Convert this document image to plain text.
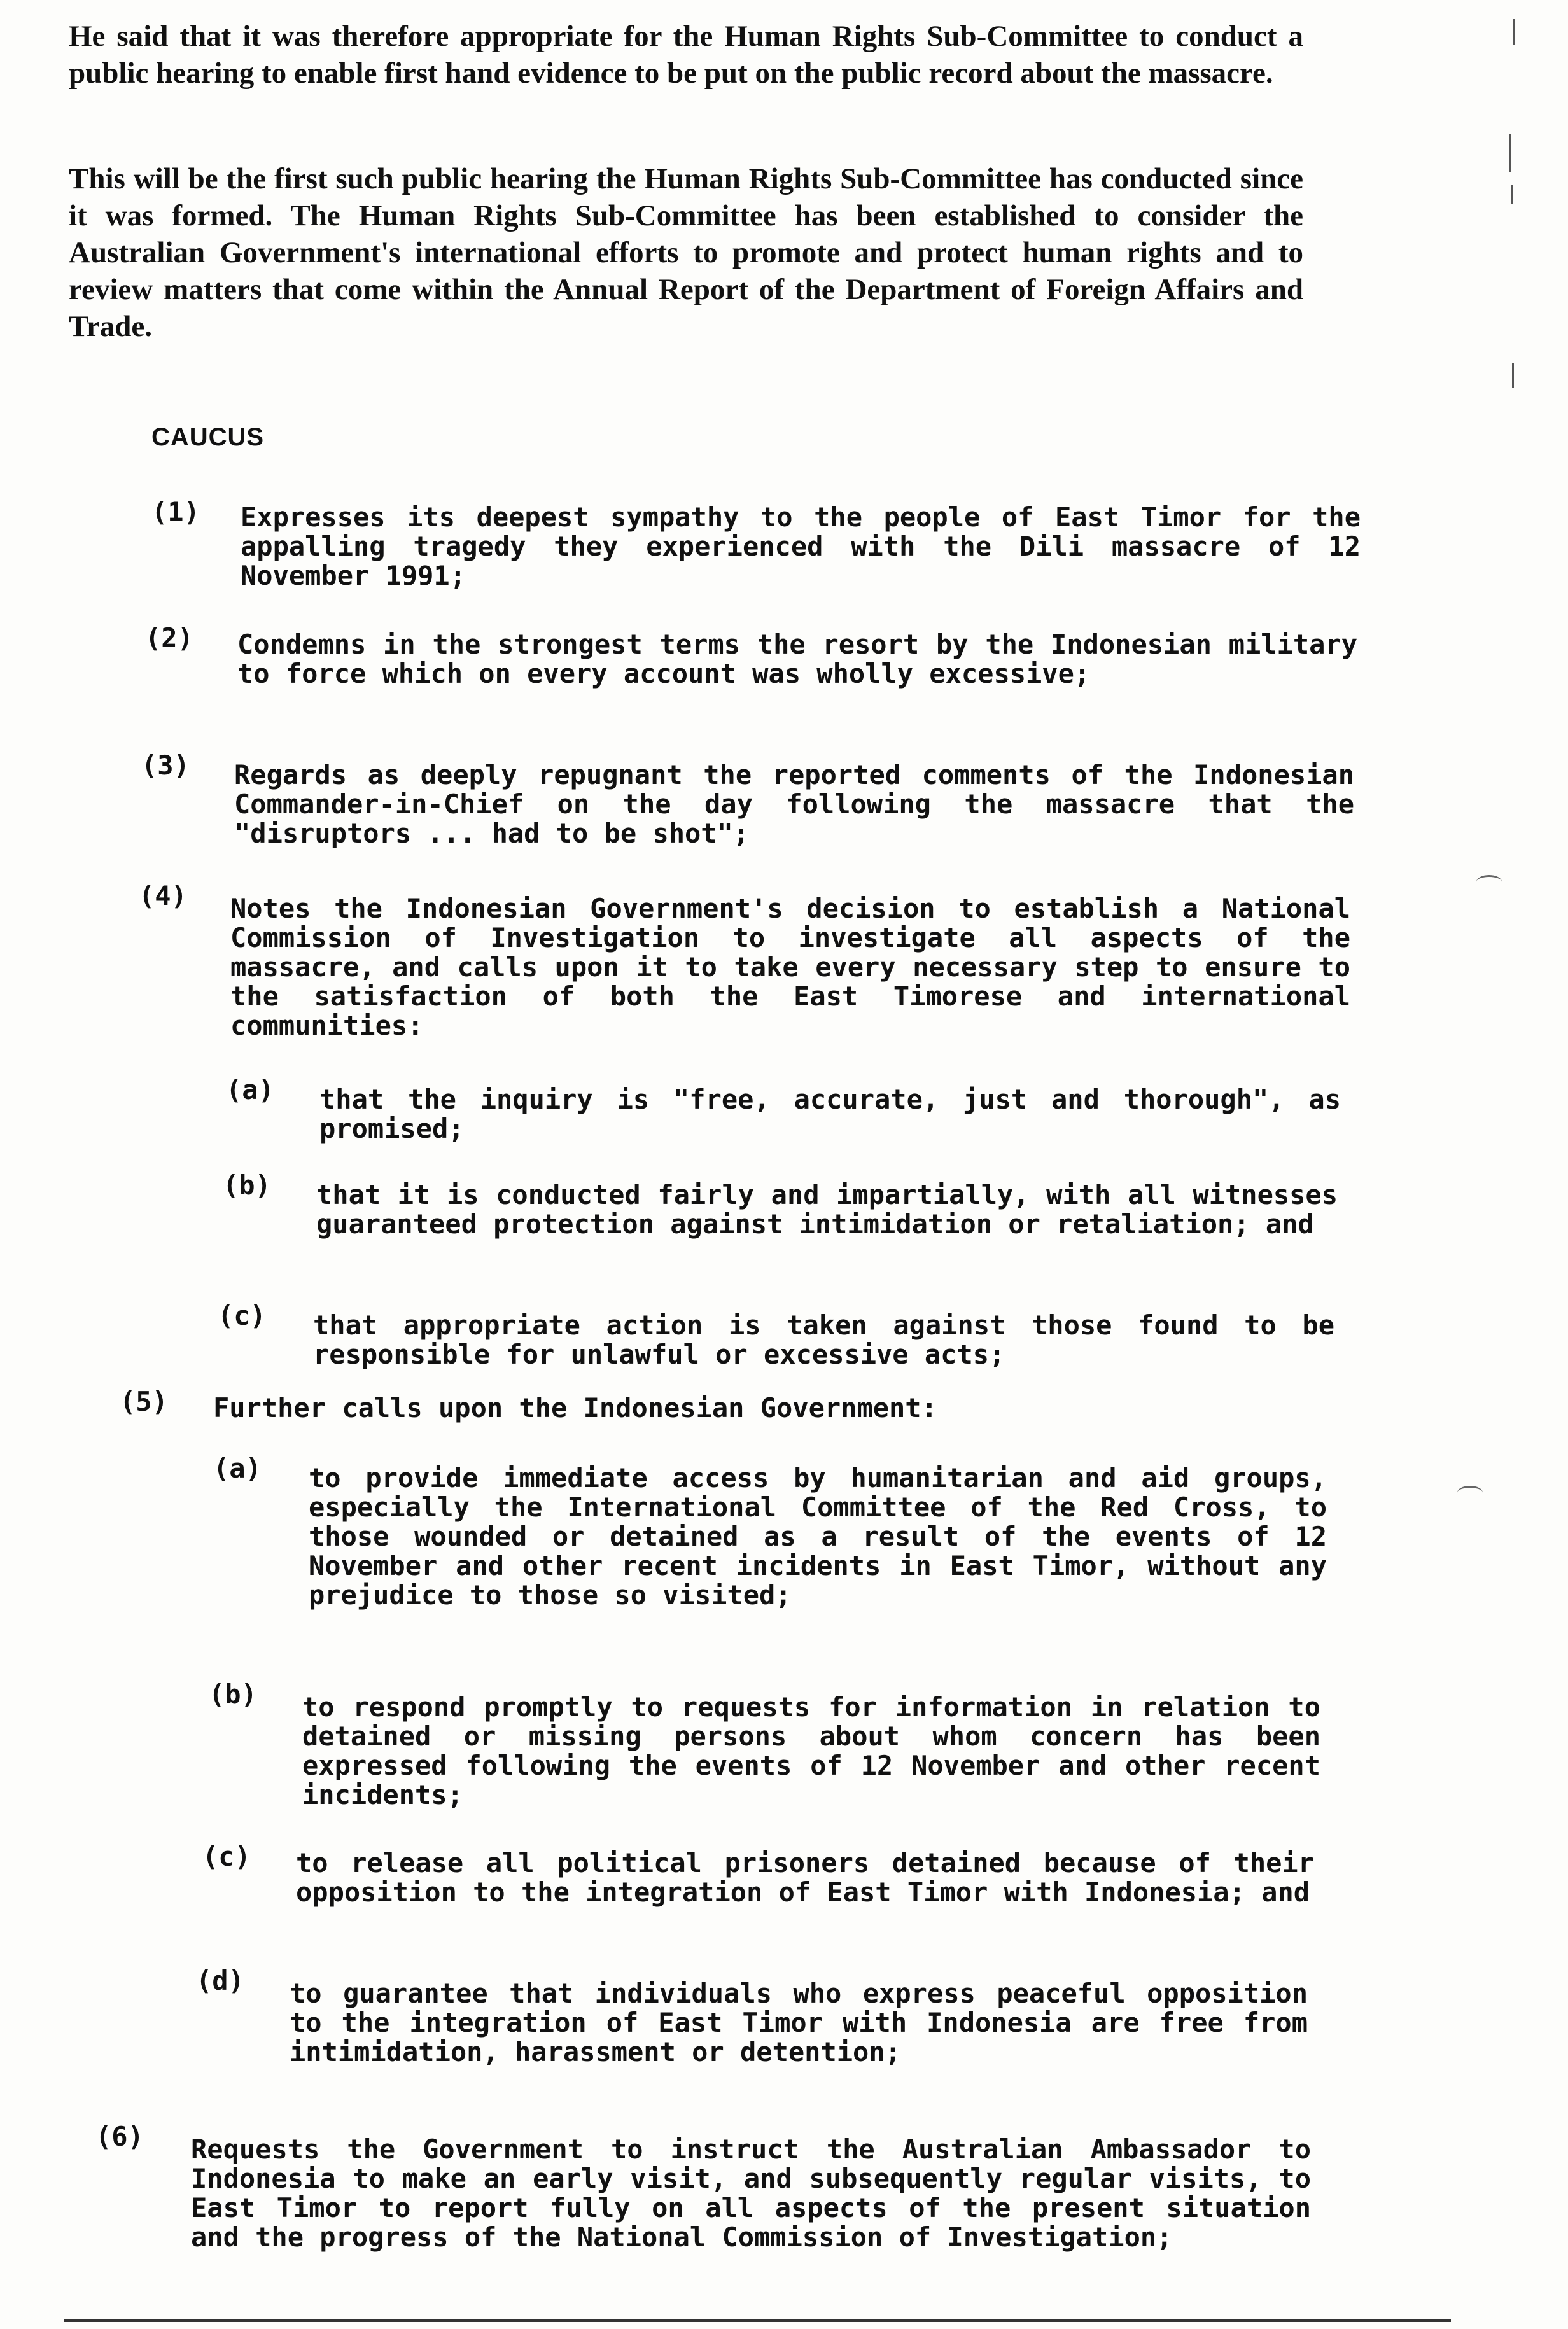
He said that it was therefore appropriate for the Human Rights Sub-Committee to conduct a public hearing to enable first hand evidence to be put on the public record about the massacre.

This will be the first such public hearing the Human Rights Sub-Committee has conducted since it was formed. The Human Rights Sub-Committee has been established to consider the Australian Government's international efforts to promote and protect human rights and to review matters that come within the Annual Report of the Department of Foreign Affairs and Trade.

CAUCUS
(1) Expresses its deepest sympathy to the people of East Timor for the appalling tragedy they experienced with the Dili massacre of 12 November 1991;
(2) Condemns in the strongest terms the resort by the Indonesian military to force which on every account was wholly excessive;
(3) Regards as deeply repugnant the reported comments of the Indonesian Commander-in-Chief on the day following the massacre that the "disruptors ... had to be shot";
(4) Notes the Indonesian Government's decision to establish a National Commission of Investigation to investigate all aspects of the massacre, and calls upon it to take every necessary step to ensure to the satisfaction of both the East Timorese and international communities:
(a) that the inquiry is "free, accurate, just and thorough", as promised;
(b) that it is conducted fairly and impartially, with all witnesses guaranteed protection against intimidation or retaliation; and
(c) that appropriate action is taken against those found to be responsible for unlawful or excessive acts;
(5) Further calls upon the Indonesian Government:
(a) to provide immediate access by humanitarian and aid groups, especially the International Committee of the Red Cross, to those wounded or detained as a result of the events of 12 November and other recent incidents in East Timor, without any prejudice to those so visited;
(b) to respond promptly to requests for information in relation to detained or missing persons about whom concern has been expressed following the events of 12 November and other recent incidents;
(c) to release all political prisoners detained because of their opposition to the integration of East Timor with Indonesia; and
(d) to guarantee that individuals who express peaceful opposition to the integration of East Timor with Indonesia are free from intimidation, harassment or detention;
(6) Requests the Government to instruct the Australian Ambassador to Indonesia to make an early visit, and subsequently regular visits, to East Timor to report fully on all aspects of the present situation and the progress of the National Commission of Investigation;
